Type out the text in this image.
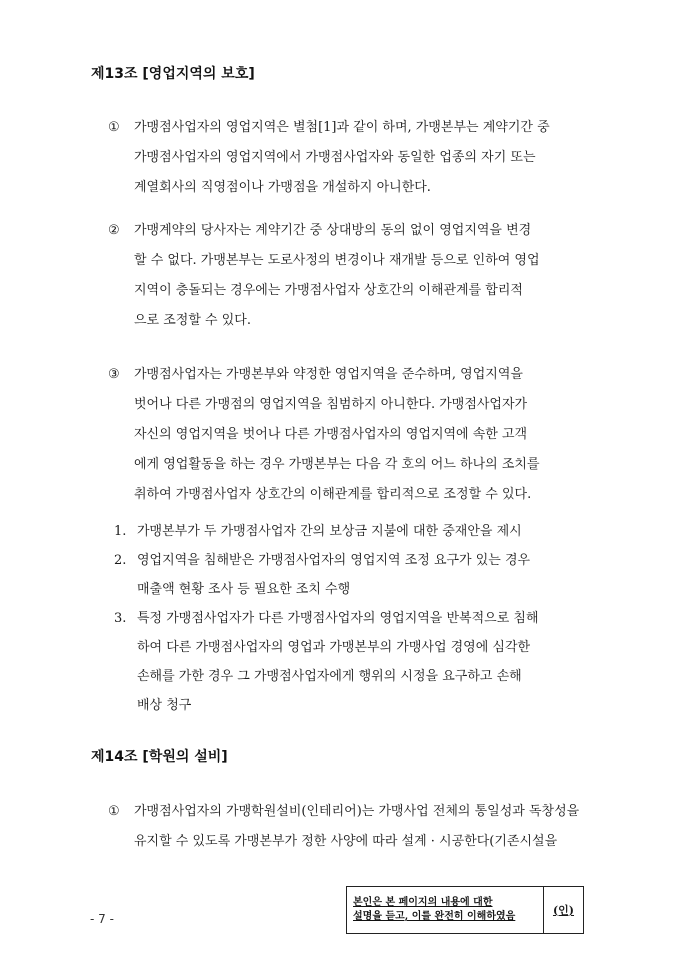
제13조 [영업지역의 보호]
①	가맹점사업자의 영업지역은 별첨[1]과 같이 하며, 가맹본부는 계약기간 중
가맹점사업자의 영업지역에서 가맹점사업자와 동일한 업종의 자기 또는
계열회사의 직영점이나 가맹점을 개설하지 아니한다.
②	가맹계약의 당사자는 계약기간 중 상대방의 동의 없이 영업지역을 변경
할 수 없다. 가맹본부는 도로사정의 변경이나 재개발 등으로 인하여 영업
지역이 충돌되는 경우에는 가맹점사업자 상호간의 이해관계를 합리적
으로 조정할 수 있다.
③	가맹점사업자는 가맹본부와 약정한 영업지역을 준수하며, 영업지역을
벗어나 다른 가맹점의 영업지역을 침범하지 아니한다. 가맹점사업자가
자신의 영업지역을 벗어나 다른 가맹점사업자의 영업지역에 속한 고객
에게 영업활동을 하는 경우 가맹본부는 다음 각 호의 어느 하나의 조치를
취하여 가맹점사업자 상호간의 이해관계를 합리적으로 조정할 수 있다.
1. 가맹본부가 두 가맹점사업자 간의 보상금 지불에 대한 중재안을 제시
2. 영업지역을 침해받은 가맹점사업자의 영업지역 조정 요구가 있는 경우
매출액 현황 조사 등 필요한 조치 수행
3. 특정 가맹점사업자가 다른 가맹점사업자의 영업지역을 반복적으로 침해
하여 다른 가맹점사업자의 영업과 가맹본부의 가맹사업 경영에 심각한
손해를 가한 경우 그 가맹점사업자에게 행위의 시정을 요구하고 손해
배상 청구
제14조 [학원의 설비]
①	가맹점사업자의 가맹학원설비(인테리어)는 가맹사업 전체의 통일성과 독창성을
유지할 수 있도록 가맹본부가 정한 사양에 따라 설계 · 시공한다(기존시설을
- 7 -
본인은 본 페이지의 내용에 대한
설명을 듣고, 이를 완전히 이해하였음	(인)
